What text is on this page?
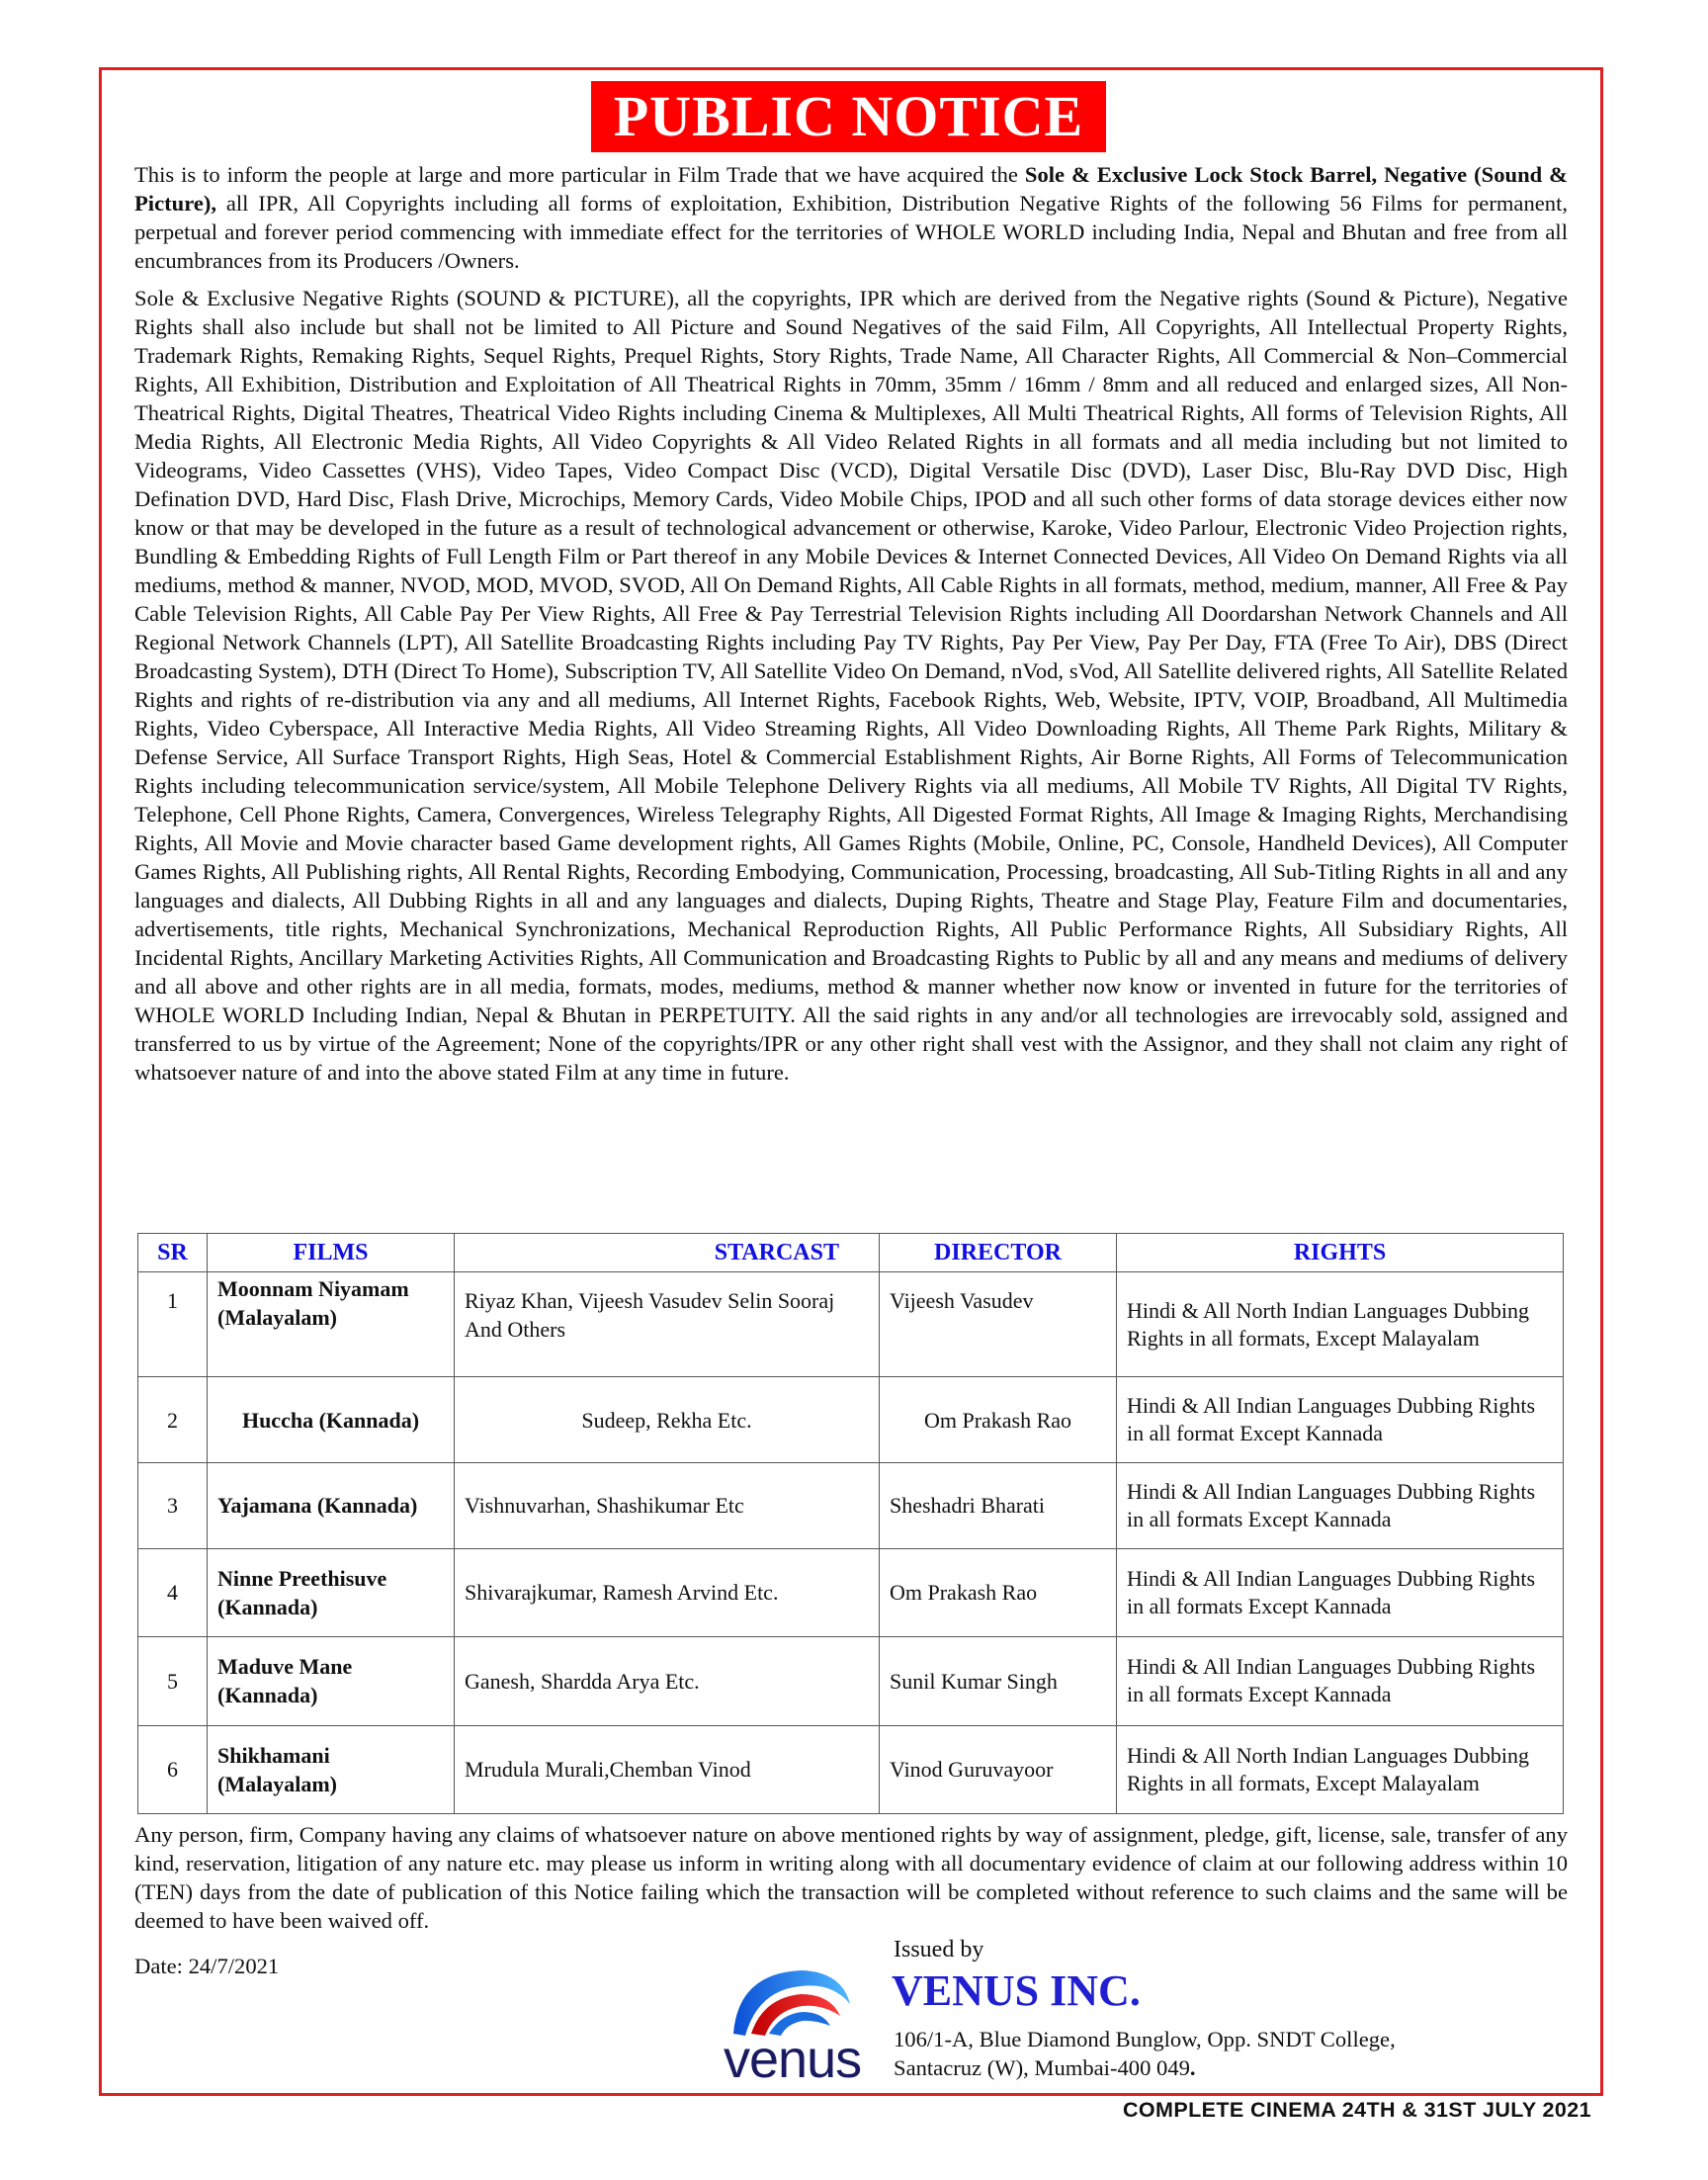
PUBLIC NOTICE

This is to inform the people at large and more particular in Film Trade that we have acquired the Sole & Exclusive Lock Stock Barrel, Negative (Sound & Picture), all IPR, All Copyrights including all forms of exploitation, Exhibition, Distribution Negative Rights of the following 56 Films for permanent, perpetual and forever period commencing with immediate effect for the territories of WHOLE WORLD including India, Nepal and Bhutan and free from all encumbrances from its Producers /Owners.

Sole & Exclusive Negative Rights (SOUND & PICTURE), all the copyrights, IPR which are derived from the Negative rights (Sound & Picture), Negative Rights shall also include but shall not be limited to All Picture and Sound Negatives of the said Film, All Copyrights, All Intellectual Property Rights, Trademark Rights, Remaking Rights, Sequel Rights, Prequel Rights, Story Rights, Trade Name, All Character Rights, All Commercial & Non–Commercial Rights, All Exhibition, Distribution and Exploitation of All Theatrical Rights in 70mm, 35mm / 16mm / 8mm and all reduced and enlarged sizes, All Non-Theatrical Rights, Digital Theatres, Theatrical Video Rights including Cinema & Multiplexes, All Multi Theatrical Rights, All forms of Television Rights, All Media Rights, All Electronic Media Rights, All Video Copyrights & All Video Related Rights in all formats and all media including but not limited to Videograms, Video Cassettes (VHS), Video Tapes, Video Compact Disc (VCD), Digital Versatile Disc (DVD), Laser Disc, Blu-Ray DVD Disc, High Defination DVD, Hard Disc, Flash Drive, Microchips, Memory Cards, Video Mobile Chips, IPOD and all such other forms of data storage devices either now know or that may be developed in the future as a result of technological advancement or otherwise, Karoke, Video Parlour, Electronic Video Projection rights, Bundling & Embedding Rights of Full Length Film or Part thereof in any Mobile Devices & Internet Connected Devices, All Video On Demand Rights via all mediums, method & manner, NVOD, MOD, MVOD, SVOD, All On Demand Rights, All Cable Rights in all formats, method, medium, manner, All Free & Pay Cable Television Rights, All Cable Pay Per View Rights, All Free & Pay Terrestrial Television Rights including All Doordarshan Network Channels and All Regional Network Channels (LPT), All Satellite Broadcasting Rights including Pay TV Rights, Pay Per View, Pay Per Day, FTA (Free To Air), DBS (Direct Broadcasting System), DTH (Direct To Home), Subscription TV, All Satellite Video On Demand, nVod, sVod, All Satellite delivered rights, All Satellite Related Rights and rights of re-distribution via any and all mediums, All Internet Rights, Facebook Rights, Web, Website, IPTV, VOIP, Broadband, All Multimedia Rights, Video Cyberspace, All Interactive Media Rights, All Video Streaming Rights, All Video Downloading Rights, All Theme Park Rights, Military & Defense Service, All Surface Transport Rights, High Seas, Hotel & Commercial Establishment Rights, Air Borne Rights, All Forms of Telecommunication Rights including telecommunication service/system, All Mobile Telephone Delivery Rights via all mediums, All Mobile TV Rights, All Digital TV Rights, Telephone, Cell Phone Rights, Camera, Convergences, Wireless Telegraphy Rights, All Digested Format Rights, All Image & Imaging Rights, Merchandising Rights, All Movie and Movie character based Game development rights, All Games Rights (Mobile, Online, PC, Console, Handheld Devices), All Computer Games Rights, All Publishing rights, All Rental Rights, Recording Embodying, Communication, Processing, broadcasting, All Sub-Titling Rights in all and any languages and dialects, All Dubbing Rights in all and any languages and dialects, Duping Rights, Theatre and Stage Play, Feature Film and documentaries, advertisements, title rights, Mechanical Synchronizations, Mechanical Reproduction Rights, All Public Performance Rights, All Subsidiary Rights, All Incidental Rights, Ancillary Marketing Activities Rights, All Communication and Broadcasting Rights to Public by all and any means and mediums of delivery and all above and other rights are in all media, formats, modes, mediums, method & manner whether now know or invented in future for the territories of WHOLE WORLD Including Indian, Nepal & Bhutan in PERPETUITY. All the said rights in any and/or all technologies are irrevocably sold, assigned and transferred to us by virtue of the Agreement; None of the copyrights/IPR or any other right shall vest with the Assignor, and they shall not claim any right of whatsoever nature of and into the above stated Film at any time in future.

SR	FILMS	STARCAST	DIRECTOR	RIGHTS
1	Moonnam Niyamam (Malayalam)	Riyaz Khan, Vijeesh Vasudev Selin Sooraj And Others	Vijeesh Vasudev	Hindi & All North Indian Languages Dubbing Rights in all formats, Except Malayalam
2	Huccha (Kannada)	Sudeep, Rekha Etc.	Om Prakash Rao	Hindi & All Indian Languages Dubbing Rights in all format Except Kannada
3	Yajamana (Kannada)	Vishnuvarhan, Shashikumar Etc	Sheshadri Bharati	Hindi & All Indian Languages Dubbing Rights in all formats Except Kannada
4	Ninne Preethisuve (Kannada)	Shivarajkumar, Ramesh Arvind Etc.	Om Prakash Rao	Hindi & All Indian Languages Dubbing Rights in all formats Except Kannada
5	Maduve Mane (Kannada)	Ganesh, Shardda Arya Etc.	Sunil Kumar Singh	Hindi & All Indian Languages Dubbing Rights in all formats Except Kannada
6	Shikhamani (Malayalam)	Mrudula Murali,Chemban Vinod	Vinod Guruvayoor	Hindi & All North Indian Languages Dubbing Rights in all formats, Except Malayalam

Any person, firm, Company having any claims of whatsoever nature on above mentioned rights by way of assignment, pledge, gift, license, sale, transfer of any kind, reservation, litigation of any nature etc. may please us inform in writing along with all documentary evidence of claim at our following address within 10 (TEN) days from the date of publication of this Notice failing which the transaction will be completed without reference to such claims and the same will be deemed to have been waived off.

Date: 24/7/2021
Issued by
venus
VENUS INC.
106/1-A, Blue Diamond Bunglow, Opp. SNDT College,
Santacruz (W), Mumbai-400 049.
COMPLETE CINEMA 24TH & 31ST JULY 2021
